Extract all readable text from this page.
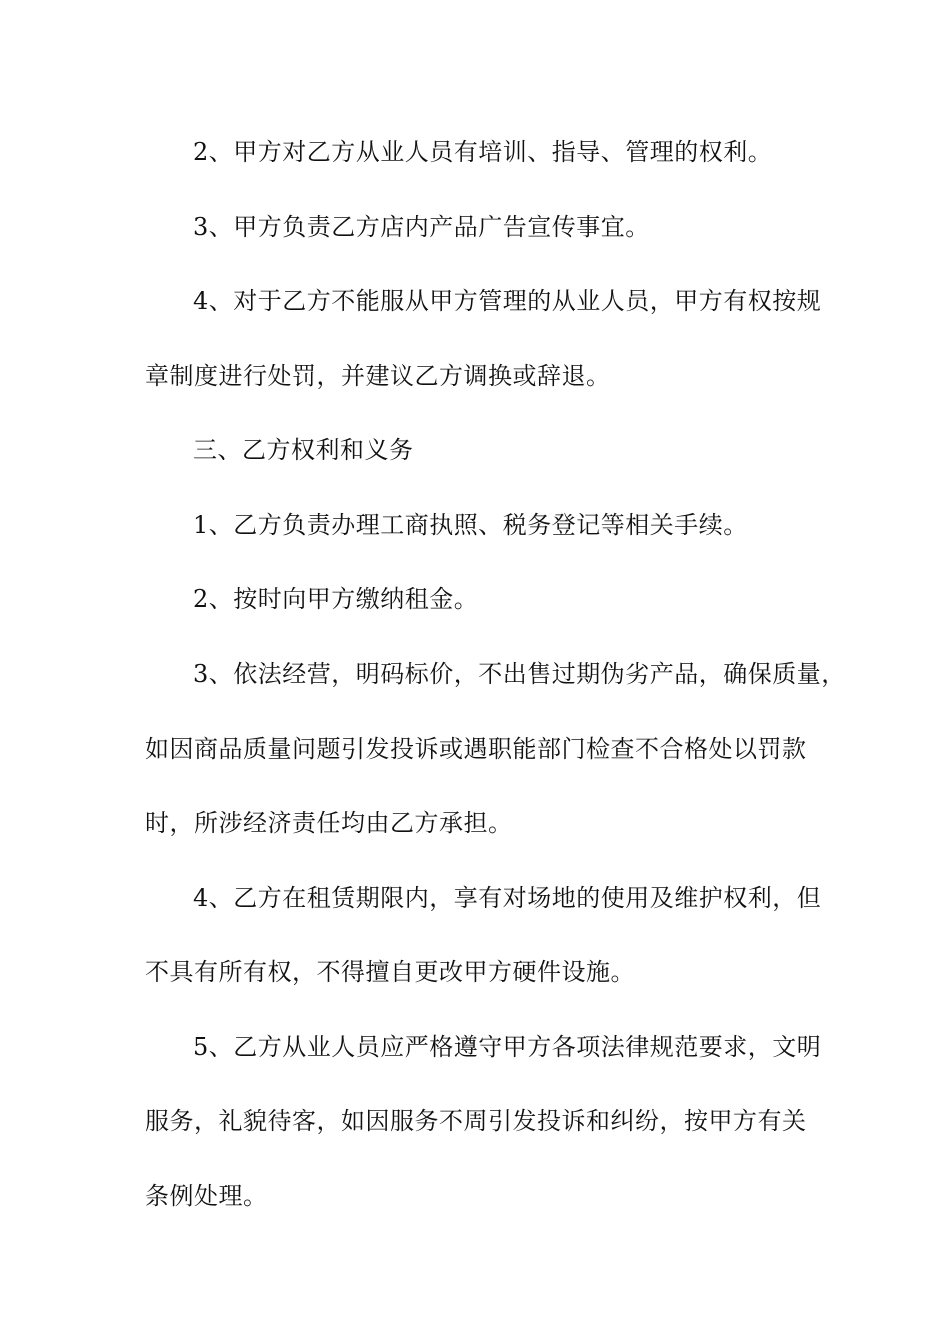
2、甲方对乙方从业人员有培训、指导、管理的权利。
3、甲方负责乙方店内产品广告宣传事宜。
4、对于乙方不能服从甲方管理的从业人员，甲方有权按规
章制度进行处罚，并建议乙方调换或辞退。
三、乙方权利和义务
1、乙方负责办理工商执照、税务登记等相关手续。
2、按时向甲方缴纳租金。
3、依法经营，明码标价，不出售过期伪劣产品，确保质量，
如因商品质量问题引发投诉或遇职能部门检查不合格处以罚款
时，所涉经济责任均由乙方承担。
4、乙方在租赁期限内，享有对场地的使用及维护权利，但
不具有所有权，不得擅自更改甲方硬件设施。
5、乙方从业人员应严格遵守甲方各项法律规范要求，文明
服务，礼貌待客，如因服务不周引发投诉和纠纷，按甲方有关
条例处理。
